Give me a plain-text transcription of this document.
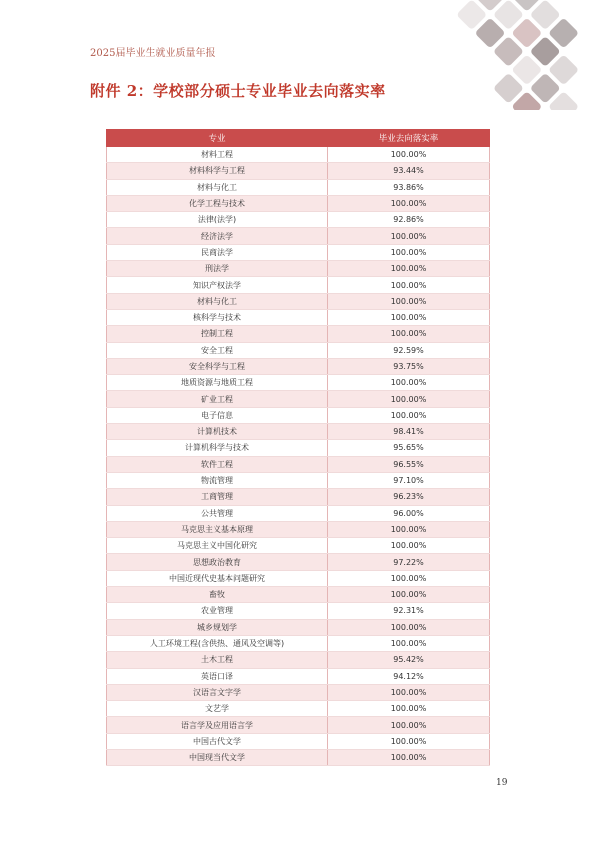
2025届毕业生就业质量年报
附件 2：学校部分硕士专业毕业去向落实率
专业	毕业去向落实率
材料工程	100.00%
材料科学与工程	93.44%
材料与化工	93.86%
化学工程与技术	100.00%
法律(法学)	92.86%
经济法学	100.00%
民商法学	100.00%
刑法学	100.00%
知识产权法学	100.00%
材料与化工	100.00%
核科学与技术	100.00%
控制工程	100.00%
安全工程	92.59%
安全科学与工程	93.75%
地质资源与地质工程	100.00%
矿业工程	100.00%
电子信息	100.00%
计算机技术	98.41%
计算机科学与技术	95.65%
软件工程	96.55%
物流管理	97.10%
工商管理	96.23%
公共管理	96.00%
马克思主义基本原理	100.00%
马克思主义中国化研究	100.00%
思想政治教育	97.22%
中国近现代史基本问题研究	100.00%
畜牧	100.00%
农业管理	92.31%
城乡规划学	100.00%
人工环境工程(含供热、通风及空调等)	100.00%
土木工程	95.42%
英语口译	94.12%
汉语言文字学	100.00%
文艺学	100.00%
语言学及应用语言学	100.00%
中国古代文学	100.00%
中国现当代文学	100.00%
19
